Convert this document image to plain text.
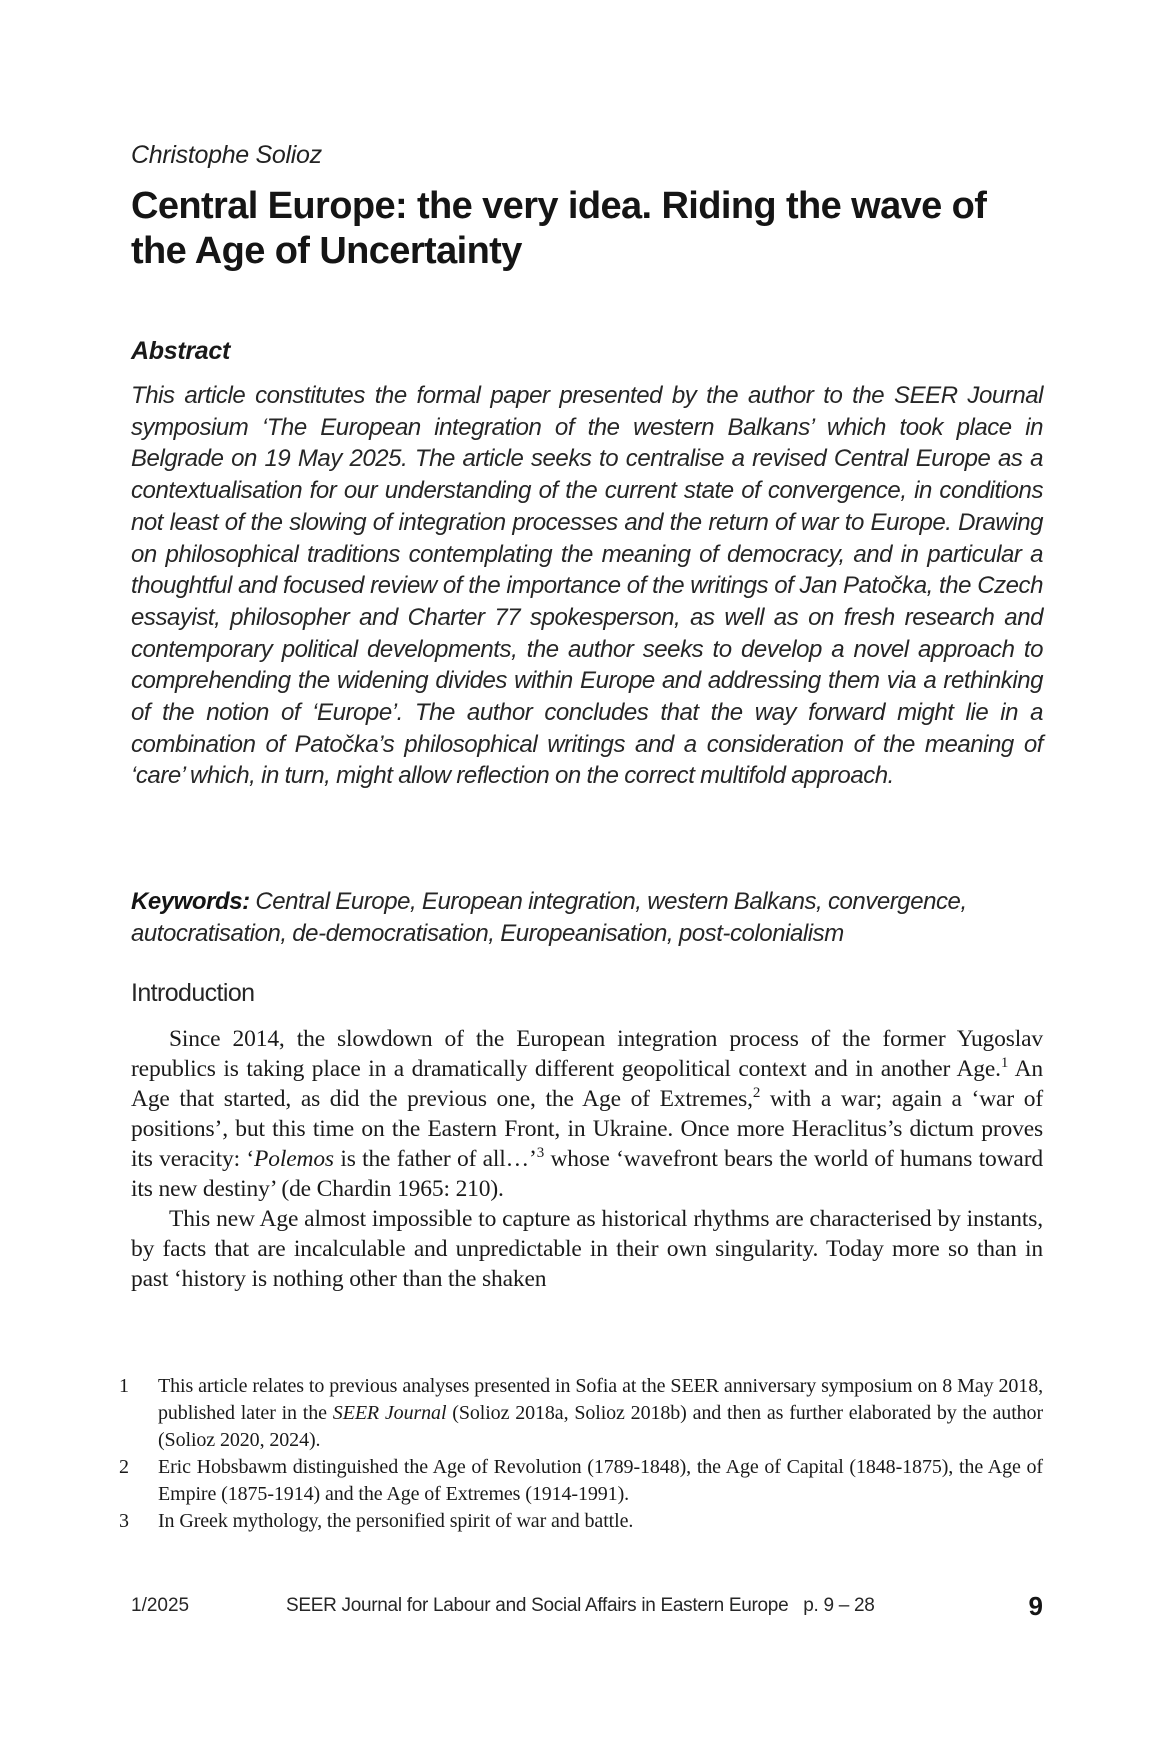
Christophe Solioz
Central Europe: the very idea. Riding the wave of the Age of Uncertainty
Abstract

This article constitutes the formal paper presented by the author to the SEER Journal symposium ‘The European integration of the western Balkans’ which took place in Belgrade on 19 May 2025. The article seeks to centralise a revised Central Europe as a contextualisation for our understanding of the current state of convergence, in conditions not least of the slowing of integration processes and the return of war to Europe. Drawing on philosophical traditions contemplating the meaning of democracy, and in particular a thoughtful and focused review of the importance of the writings of Jan Patočka, the Czech essayist, philosopher and Charter 77 spokesperson, as well as on fresh research and contemporary political developments, the author seeks to develop a novel approach to comprehending the widening divides within Europe and addressing them via a rethinking of the notion of ‘Europe’. The author concludes that the way forward might lie in a combination of Patočka’s philosophical writings and a consideration of the meaning of ‘care’ which, in turn, might allow reflection on the correct multifold approach.

Keywords: Central Europe, European integration, western Balkans, convergence, autocratisation, de-democratisation, Europeanisation, post-colonialism

Introduction

Since 2014, the slowdown of the European integration process of the former Yugoslav republics is taking place in a dramatically different geopolitical context and in another Age.$^1$ An Age that started, as did the previous one, the Age of Extremes,$^2$ with a war; again a ‘war of positions’, but this time on the Eastern Front, in Ukraine. Once more Heraclitus’s dictum proves its veracity: ‘Polemos is the father of all…’$^3$ whose ‘wavefront bears the world of humans toward its new destiny’ (de Chardin 1965: 210).

This new Age almost impossible to capture as historical rhythms are characterised by instants, by facts that are incalculable and unpredictable in their own singularity. Today more so than in past ‘history is nothing other than the shaken

1	This article relates to previous analyses presented in Sofia at the SEER anniversary symposium on 8 May 2018, published later in the SEER Journal (Solioz 2018a, Solioz 2018b) and then as further elaborated by the author (Solioz 2020, 2024).
2	Eric Hobsbawm distinguished the Age of Revolution (1789-1848), the Age of Capital (1848-1875), the Age of Empire (1875-1914) and the Age of Extremes (1914-1991).
3	In Greek mythology, the personified spirit of war and battle.
1/2025	SEER Journal for Labour and Social Affairs in Eastern Europe   p. 9 – 28	9
